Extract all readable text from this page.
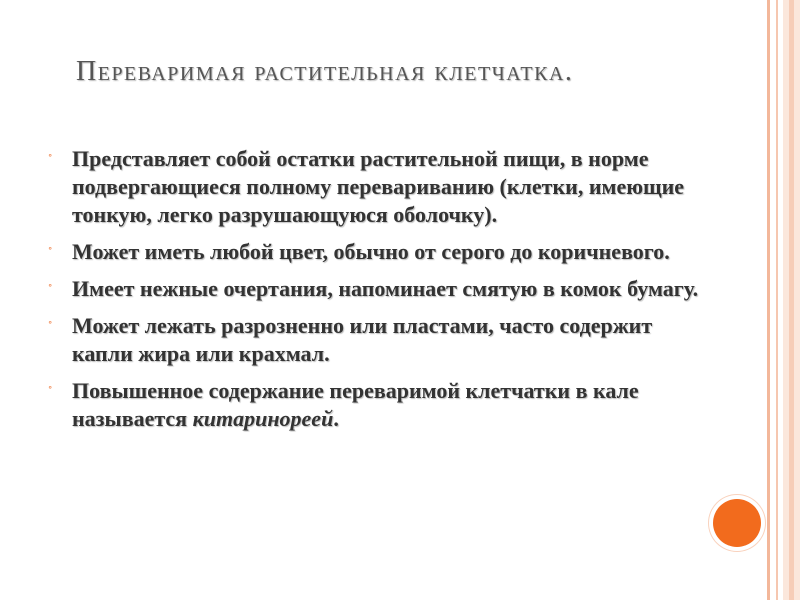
Переваримая растительная клетчатка.
˚ Представляет собой остатки растительной пищи, в норме подвергающиеся полному перевариванию (клетки, имеющие тонкую, легко разрушающуюся оболочку).
˚ Может иметь любой цвет, обычно от серого до коричневого.
˚ Имеет нежные очертания, напоминает смятую в комок бумагу.
˚ Может лежать разрозненно или пластами, часто содержит капли жира или крахмал.
˚ Повышенное содержание переваримой клетчатки в кале называется китаринореей.
